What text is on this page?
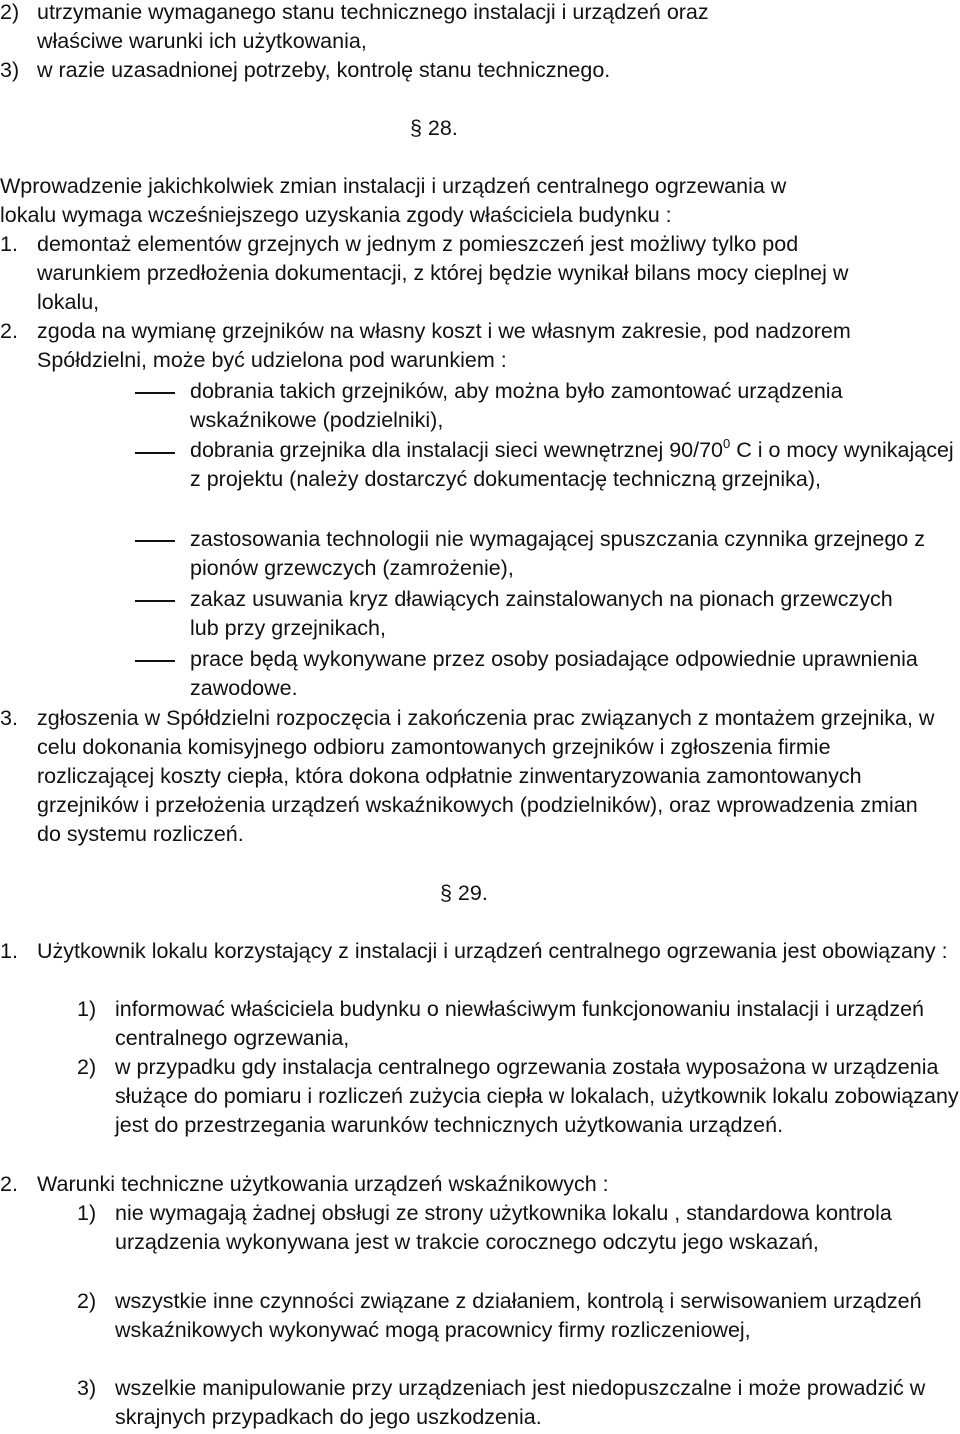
2) utrzymanie wymaganego stanu technicznego instalacji i urządzeń oraz
właściwe warunki ich użytkowania,
3) w razie uzasadnionej potrzeby, kontrolę stanu technicznego.
§ 28.
Wprowadzenie jakichkolwiek zmian instalacji i urządzeń centralnego ogrzewania w
lokalu wymaga wcześniejszego uzyskania zgody właściciela budynku :
1. demontaż elementów grzejnych w jednym z pomieszczeń jest możliwy tylko pod warunkiem przedłożenia dokumentacji, z której będzie wynikał bilans mocy cieplnej w lokalu,

2. zgoda na wymianę grzejników na własny koszt i we własnym zakresie, pod nadzorem Spółdzielni, może być udzielona pod warunkiem :

dobrania takich grzejników, aby można było zamontować urządzenia wskaźnikowe (podzielniki),

dobrania grzejnika dla instalacji sieci wewnętrznej $90/70^0$ C i o mocy wynikającej z projektu (należy dostarczyć dokumentację techniczną grzejnika),

zastosowania technologii nie wymagającej spuszczania czynnika grzejnego z pionów grzewczych (zamrożenie),

zakaz usuwania kryz dławiących zainstalowanych na pionach grzewczych lub przy grzejnikach,

prace będą wykonywane przez osoby posiadające odpowiednie uprawnienia zawodowe.

3. zgłoszenia w Spółdzielni rozpoczęcia i zakończenia prac związanych z montażem grzejnika, w celu dokonania komisyjnego odbioru zamontowanych grzejników i zgłoszenia firmie rozliczającej koszty ciepła, która dokona odpłatnie zinwentaryzowania zamontowanych grzejników i przełożenia urządzeń wskaźnikowych (podzielników), oraz wprowadzenia zmian do systemu rozliczeń.

§ 29.
1. Użytkownik lokalu korzystający z instalacji i urządzeń centralnego ogrzewania jest obowiązany :

1) informować właściciela budynku o niewłaściwym funkcjonowaniu instalacji i urządzeń centralnego ogrzewania,

2) w przypadku gdy instalacja centralnego ogrzewania została wyposażona w urządzenia służące do pomiaru i rozliczeń zużycia ciepła w lokalach, użytkownik lokalu zobowiązany jest do przestrzegania warunków technicznych użytkowania urządzeń.

2. Warunki techniczne użytkowania urządzeń wskaźnikowych :

1) nie wymagają żadnej obsługi ze strony użytkownika lokalu , standardowa kontrola urządzenia wykonywana jest w trakcie corocznego odczytu jego wskazań,

2) wszystkie inne czynności związane z działaniem, kontrolą i serwisowaniem urządzeń wskaźnikowych wykonywać mogą pracownicy firmy rozliczeniowej,

3) wszelkie manipulowanie przy urządzeniach jest niedopuszczalne i może prowadzić w skrajnych przypadkach do jego uszkodzenia.
